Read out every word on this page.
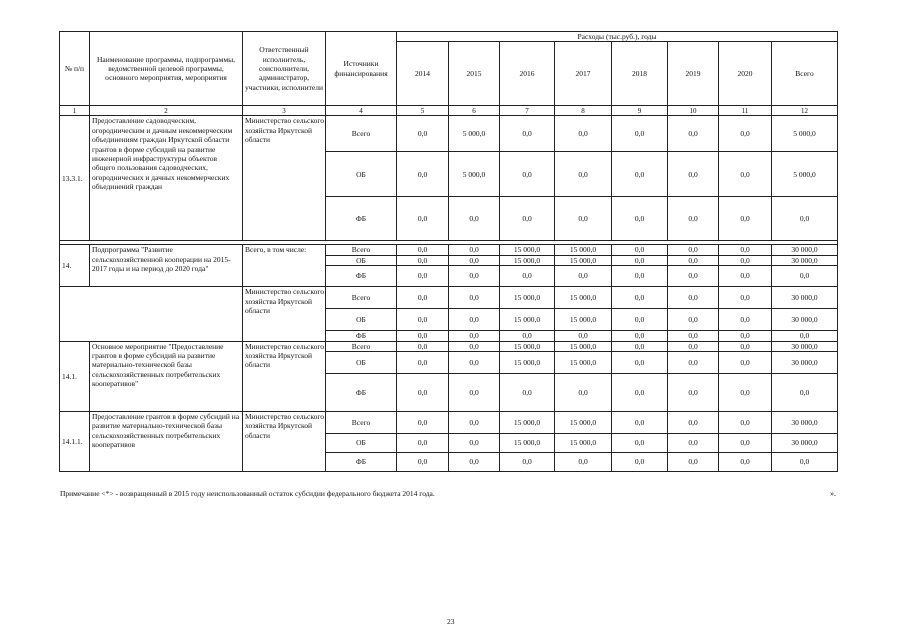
№ п/п	Наименование программы, подпрограммы, ведомственной целевой программы, основного мероприятия, мероприятия	Ответственный исполнитель, соисполнители, администратор, участники, исполнители	Источники финансирования	Расходы (тыс.руб.), годы							
				2014	2015	2016	2017	2018	2019	2020	Всего
1	2	3	4	5	6	7	8	9	10	11	12
13.3.1.	Предоставление садоводческим, огородническим и дачным некоммерческим объединениям граждан Иркутской области грантов в форме субсидий на развитие инженерной инфраструктуры объектов общего пользования садоводческих, огороднических и дачных некоммерческих объединений граждан	Министерство сельского хозяйства Иркутской области	Всего	0,0	5 000,0	0,0	0,0	0,0	0,0	0,0	5 000,0
			ОБ	0,0	5 000,0	0,0	0,0	0,0	0,0	0,0	5 000,0
			ФБ	0,0	0,0	0,0	0,0	0,0	0,0	0,0	0,0

14.	Подпрограмма "Развитие сельскохозяйственной кооперации на 2015-2017 годы и на период до 2020 года"	Всего, в том числе:	Всего	0,0	0,0	15 000,0	15 000,0	0,0	0,0	0,0	30 000,0
			ОБ	0,0	0,0	15 000,0	15 000,0	0,0	0,0	0,0	30 000,0
			ФБ	0,0	0,0	0,0	0,0	0,0	0,0	0,0	0,0
		Министерство сельского хозяйства Иркутской области	Всего	0,0	0,0	15 000,0	15 000,0	0,0	0,0	0,0	30 000,0
			ОБ	0,0	0,0	15 000,0	15 000,0	0,0	0,0	0,0	30 000,0
			ФБ	0,0	0,0	0,0	0,0	0,0	0,0	0,0	0,0
14.1.	Основное мероприятие "Предоставление грантов в форме субсидий на развитие материально-технической базы сельскохозяйственных потребительских кооперативов"	Министерство сельского хозяйства Иркутской области	Всего	0,0	0,0	15 000,0	15 000,0	0,0	0,0	0,0	30 000,0
			ОБ	0,0	0,0	15 000,0	15 000,0	0,0	0,0	0,0	30 000,0
			ФБ	0,0	0,0	0,0	0,0	0,0	0,0	0,0	0,0
14.1.1.	Предоставление грантов в форме субсидий на развитие материально-технической базы сельскохозяйственных потребительских кооперативов	Министерство сельского хозяйства Иркутской области	Всего	0,0	0,0	15 000,0	15 000,0	0,0	0,0	0,0	30 000,0
			ОБ	0,0	0,0	15 000,0	15 000,0	0,0	0,0	0,0	30 000,0
			ФБ	0,0	0,0	0,0	0,0	0,0	0,0	0,0	0,0
Примечание <*> - возвращенный в 2015 году неиспользованный остаток субсидии федерального бюджета 2014 года.	».
23
